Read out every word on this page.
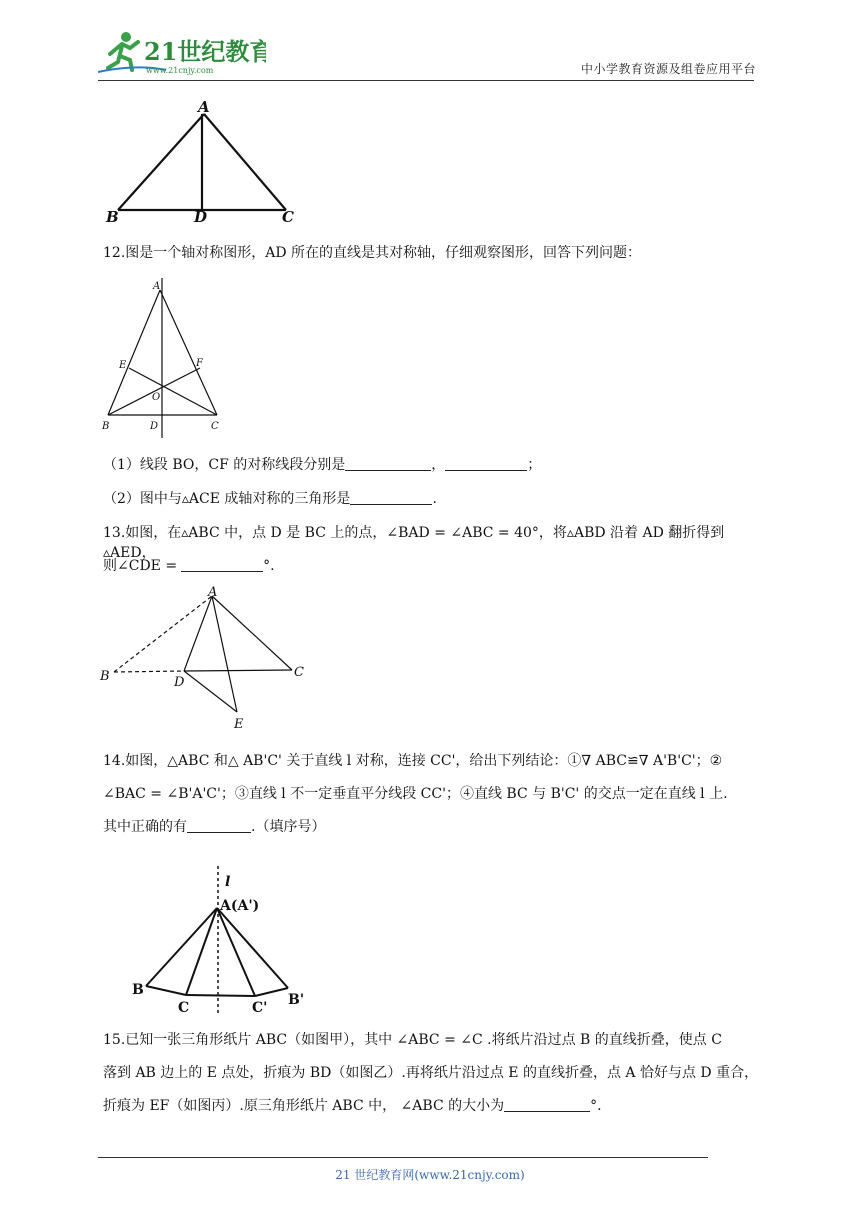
21世纪教育
www.21cnjy.com	中小学教育资源及组卷应用平台
A
B	D	C
12.图是一个轴对称图形，AD 所在的直线是其对称轴，仔细观察图形，回答下列问题：
A
E	F
O
B	D	C
（1）线段 BO，CF 的对称线段分别是	，	；
（2）图中与▵ACE 成轴对称的三角形是	.
13.如图，在▵ABC 中，点 D 是 BC 上的点，∠BAD = ∠ABC = 40°，将▵ABD 沿着 AD 翻折得到▵AED，
则∠CDE =	°.
A
B	D
C
E
14.如图，△ABC 和△ AB'C' 关于直线 l 对称，连接 CC'，给出下列结论：①∇ ABC≌∇ A'B'C'；②
∠BAC = ∠B'A'C'；③直线 l 不一定垂直平分线段 CC'；④直线 BC 与 B'C' 的交点一定在直线 l 上.
其中正确的有	.（填序号）
l
A(A')
B
C	C' B'
15.已知一张三角形纸片 ABC（如图甲），其中 ∠ABC = ∠C .将纸片沿过点 B 的直线折叠，使点 C
落到 AB 边上的 E 点处，折痕为 BD（如图乙）.再将纸片沿过点 E 的直线折叠，点 A 恰好与点 D 重合，
折痕为 EF（如图丙）.原三角形纸片 ABC 中， ∠ABC 的大小为	°.
21 世纪教育网(www.21cnjy.com)
